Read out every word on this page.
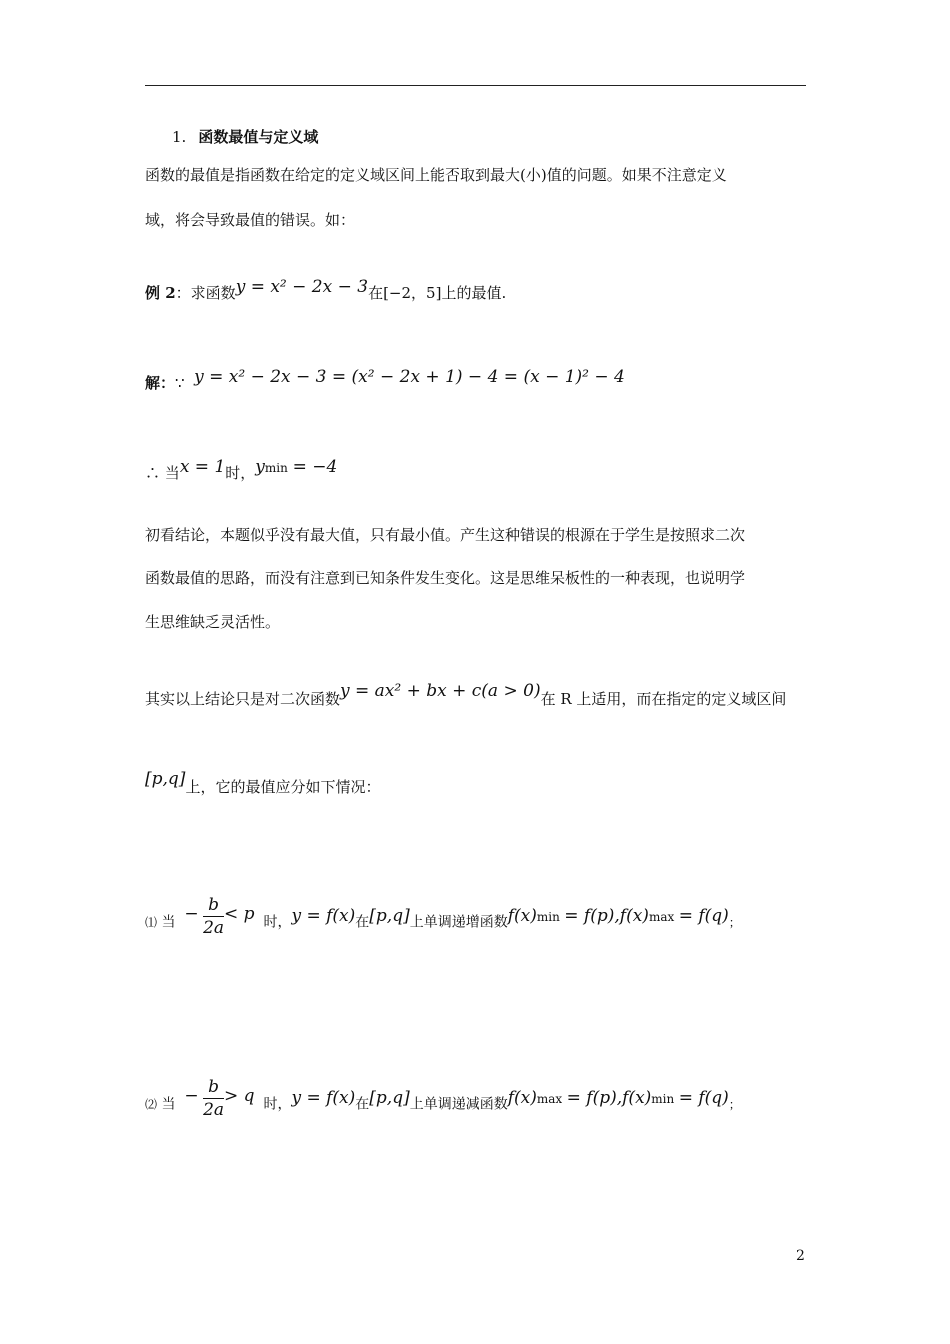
1. 函数最值与定义域
函数的最值是指函数在给定的定义域区间上能否取到最大(小)值的问题。如果不注意定义
域，将会导致最值的错误。如：
例 2：求函数y = x² − 2x − 3在[−2，5]上的最值.
解：∵ y = x² − 2x − 3 = (x² − 2x + 1) − 4 = (x − 1)² − 4
∴ 当x = 1时，$y^{min} = -4$
初看结论，本题似乎没有最大值，只有最小值。产生这种错误的根源在于学生是按照求二次
函数最值的思路，而没有注意到已知条件发生变化。这是思维呆板性的一种表现，也说明学
生思维缺乏灵活性。
其实以上结论只是对二次函数y = ax² + bx + c(a > 0)在 R 上适用，而在指定的定义域区间
[p,q]上，它的最值应分如下情况：
⑴ 当 − $\frac{b}{2a} < p$ 时，y = f(x)在[p,q]上单调递增函数f(x)min = f(p),f(x)max = f(q)；
⑵ 当 − $\frac{b}{2a} > q$ 时，y = f(x)在[p,q]上单调递减函数f(x)max = f(p),f(x)min = f(q)；
2
